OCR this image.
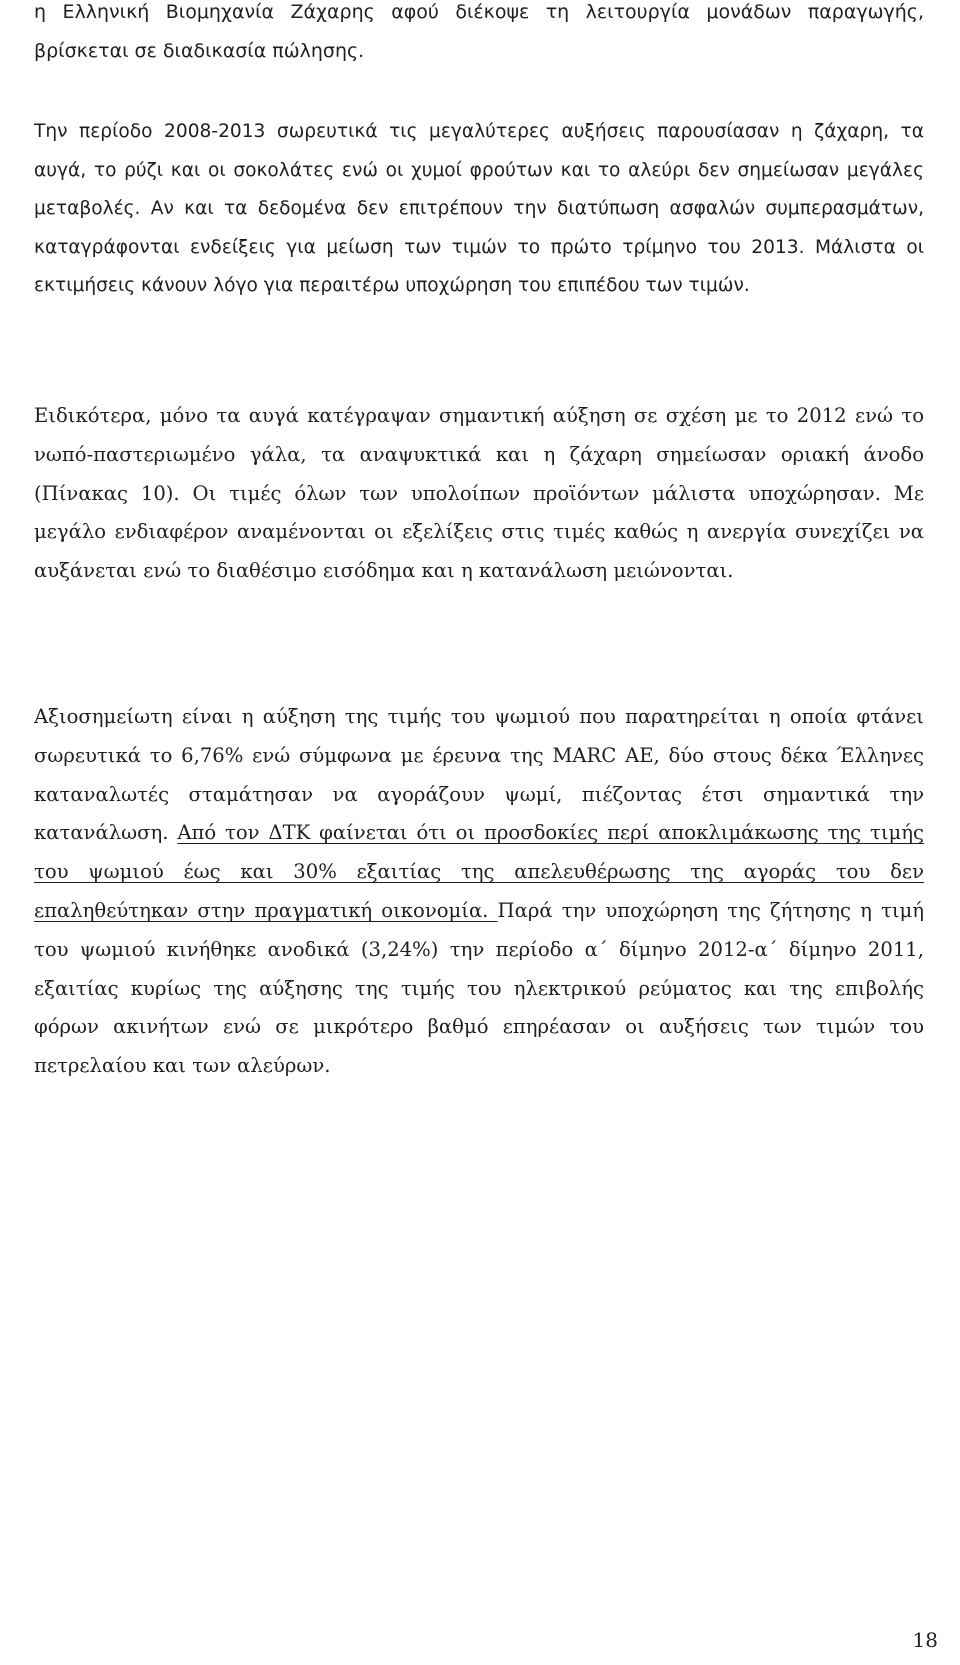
η Ελληνική Βιομηχανία Ζάχαρης αφού διέκοψε τη λειτουργία μονάδων παραγωγής, βρίσκεται σε διαδικασία πώλησης.

Την περίοδο 2008-2013 σωρευτικά τις μεγαλύτερες αυξήσεις παρουσίασαν η ζάχαρη, τα αυγά, το ρύζι και οι σοκολάτες ενώ οι χυμοί φρούτων και το αλεύρι δεν σημείωσαν μεγάλες μεταβολές. Αν και τα δεδομένα δεν επιτρέπουν την διατύπωση ασφαλών συμπερασμάτων, καταγράφονται ενδείξεις για μείωση των τιμών το πρώτο τρίμηνο του 2013. Μάλιστα οι εκτιμήσεις κάνουν λόγο για περαιτέρω υποχώρηση του επιπέδου των τιμών.

Ειδικότερα, μόνο τα αυγά κατέγραψαν σημαντική αύξηση σε σχέση με το 2012 ενώ το νωπό-παστεριωμένο γάλα, τα αναψυκτικά και η ζάχαρη σημείωσαν οριακή άνοδο (Πίνακας 10). Οι τιμές όλων των υπολοίπων προϊόντων μάλιστα υποχώρησαν. Με μεγάλο ενδιαφέρον αναμένονται οι εξελίξεις στις τιμές καθώς η ανεργία συνεχίζει να αυξάνεται ενώ το διαθέσιμο εισόδημα και η κατανάλωση μειώνονται.

Αξιοσημείωτη είναι η αύξηση της τιμής του ψωμιού που παρατηρείται η οποία φτάνει σωρευτικά το 6,76% ενώ σύμφωνα με έρευνα της MARC AE, δύο στους δέκα Έλληνες καταναλωτές σταμάτησαν να αγοράζουν ψωμί, πιέζοντας έτσι σημαντικά την κατανάλωση. Από τον ΔΤΚ φαίνεται ότι οι προσδοκίες περί αποκλιμάκωσης της τιμής του ψωμιού έως και 30% εξαιτίας της απελευθέρωσης της αγοράς του δεν επαληθεύτηκαν στην πραγματική οικονομία. Παρά την υποχώρηση της ζήτησης η τιμή του ψωμιού κινήθηκε ανοδικά (3,24%) την περίοδο α΄ δίμηνο 2012-α΄ δίμηνο 2011, εξαιτίας κυρίως της αύξησης της τιμής του ηλεκτρικού ρεύματος και της επιβολής φόρων ακινήτων ενώ σε μικρότερο βαθμό επηρέασαν οι αυξήσεις των τιμών του πετρελαίου και των αλεύρων.

18
